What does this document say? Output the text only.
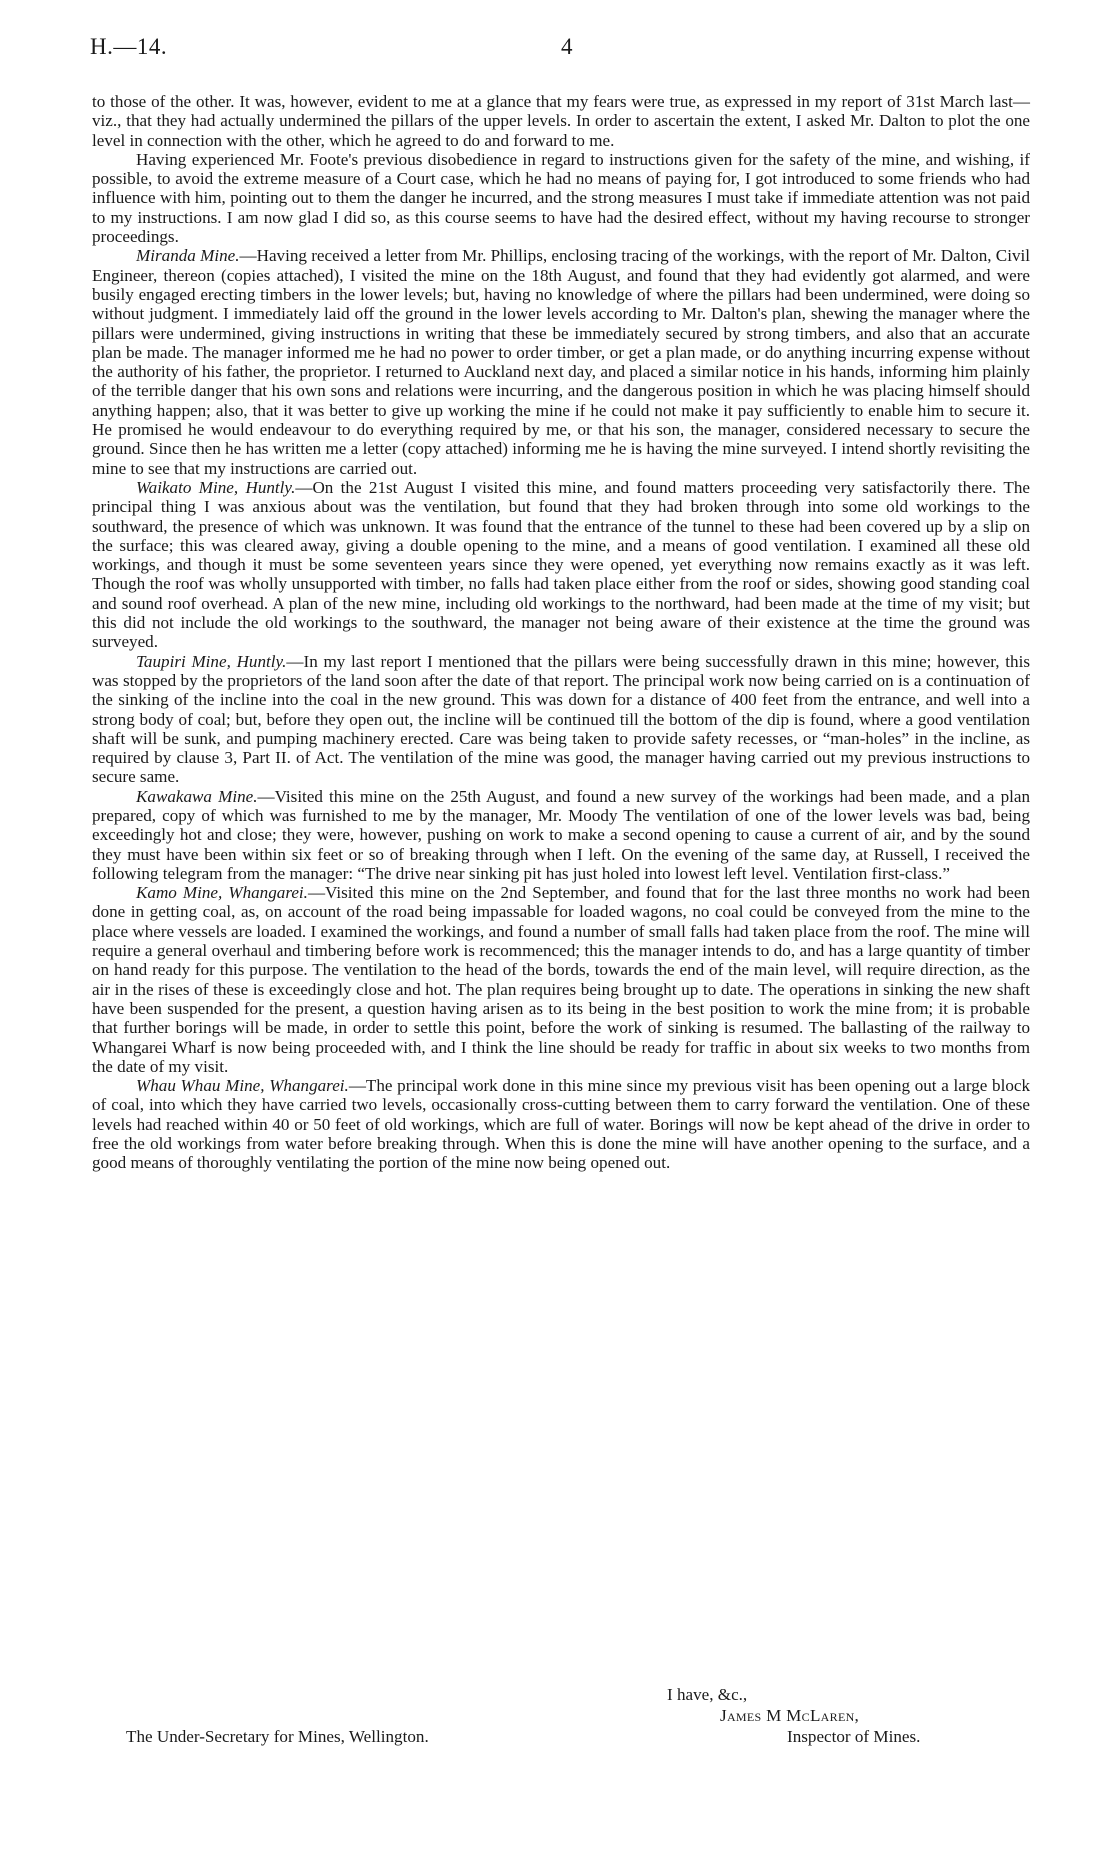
H.—14.	4

to those of the other. It was, however, evident to me at a glance that my fears were true, as expressed in my report of 31st March last—viz., that they had actually undermined the pillars of the upper levels. In order to ascertain the extent, I asked Mr. Dalton to plot the one level in connection with the other, which he agreed to do and forward to me.

Having experienced Mr. Foote's previous disobedience in regard to instructions given for the safety of the mine, and wishing, if possible, to avoid the extreme measure of a Court case, which he had no means of paying for, I got introduced to some friends who had influence with him, pointing out to them the danger he incurred, and the strong measures I must take if immediate attention was not paid to my instructions. I am now glad I did so, as this course seems to have had the desired effect, without my having recourse to stronger proceedings.

Miranda Mine.—Having received a letter from Mr. Phillips, enclosing tracing of the workings, with the report of Mr. Dalton, Civil Engineer, thereon (copies attached), I visited the mine on the 18th August, and found that they had evidently got alarmed, and were busily engaged erecting timbers in the lower levels; but, having no knowledge of where the pillars had been undermined, were doing so without judgment. I immediately laid off the ground in the lower levels according to Mr. Dalton's plan, shewing the manager where the pillars were undermined, giving instructions in writing that these be immediately secured by strong timbers, and also that an accurate plan be made. The manager informed me he had no power to order timber, or get a plan made, or do anything incurring expense without the authority of his father, the proprietor. I returned to Auckland next day, and placed a similar notice in his hands, informing him plainly of the terrible danger that his own sons and relations were incurring, and the dangerous position in which he was placing himself should anything happen; also, that it was better to give up working the mine if he could not make it pay sufficiently to enable him to secure it. He promised he would endeavour to do everything required by me, or that his son, the manager, considered necessary to secure the ground. Since then he has written me a letter (copy attached) informing me he is having the mine surveyed. I intend shortly revisiting the mine to see that my instructions are carried out.

Waikato Mine, Huntly.—On the 21st August I visited this mine, and found matters proceeding very satisfactorily there. The principal thing I was anxious about was the ventilation, but found that they had broken through into some old workings to the southward, the presence of which was unknown. It was found that the entrance of the tunnel to these had been covered up by a slip on the surface; this was cleared away, giving a double opening to the mine, and a means of good ventilation. I examined all these old workings, and though it must be some seventeen years since they were opened, yet everything now remains exactly as it was left. Though the roof was wholly unsupported with timber, no falls had taken place either from the roof or sides, showing good standing coal and sound roof overhead. A plan of the new mine, including old workings to the northward, had been made at the time of my visit; but this did not include the old workings to the southward, the manager not being aware of their existence at the time the ground was surveyed.

Taupiri Mine, Huntly.—In my last report I mentioned that the pillars were being successfully drawn in this mine; however, this was stopped by the proprietors of the land soon after the date of that report. The principal work now being carried on is a continuation of the sinking of the incline into the coal in the new ground. This was down for a distance of 400 feet from the entrance, and well into a strong body of coal; but, before they open out, the incline will be continued till the bottom of the dip is found, where a good ventilation shaft will be sunk, and pumping machinery erected. Care was being taken to provide safety recesses, or “man-holes” in the incline, as required by clause 3, Part II. of Act. The ventilation of the mine was good, the manager having carried out my previous instructions to secure same.

Kawakawa Mine.—Visited this mine on the 25th August, and found a new survey of the workings had been made, and a plan prepared, copy of which was furnished to me by the manager, Mr. Moody The ventilation of one of the lower levels was bad, being exceedingly hot and close; they were, however, pushing on work to make a second opening to cause a current of air, and by the sound they must have been within six feet or so of breaking through when I left. On the evening of the same day, at Russell, I received the following telegram from the manager: “The drive near sinking pit has just holed into lowest left level. Ventilation first-class.”

Kamo Mine, Whangarei.—Visited this mine on the 2nd September, and found that for the last three months no work had been done in getting coal, as, on account of the road being impassable for loaded wagons, no coal could be conveyed from the mine to the place where vessels are loaded. I examined the workings, and found a number of small falls had taken place from the roof. The mine will require a general overhaul and timbering before work is recommenced; this the manager intends to do, and has a large quantity of timber on hand ready for this purpose. The ventilation to the head of the bords, towards the end of the main level, will require direction, as the air in the rises of these is exceedingly close and hot. The plan requires being brought up to date. The operations in sinking the new shaft have been suspended for the present, a question having arisen as to its being in the best position to work the mine from; it is probable that further borings will be made, in order to settle this point, before the work of sinking is resumed. The ballasting of the railway to Whangarei Wharf is now being proceeded with, and I think the line should be ready for traffic in about six weeks to two months from the date of my visit.

Whau Whau Mine, Whangarei.—The principal work done in this mine since my previous visit has been opening out a large block of coal, into which they have carried two levels, occasionally cross-cutting between them to carry forward the ventilation. One of these levels had reached within 40 or 50 feet of old workings, which are full of water. Borings will now be kept ahead of the drive in order to free the old workings from water before breaking through. When this is done the mine will have another opening to the surface, and a good means of thoroughly ventilating the portion of the mine now being opened out.

I have, &c.,
James M McLaren,
The Under-Secretary for Mines, Wellington.	Inspector of Mines.
